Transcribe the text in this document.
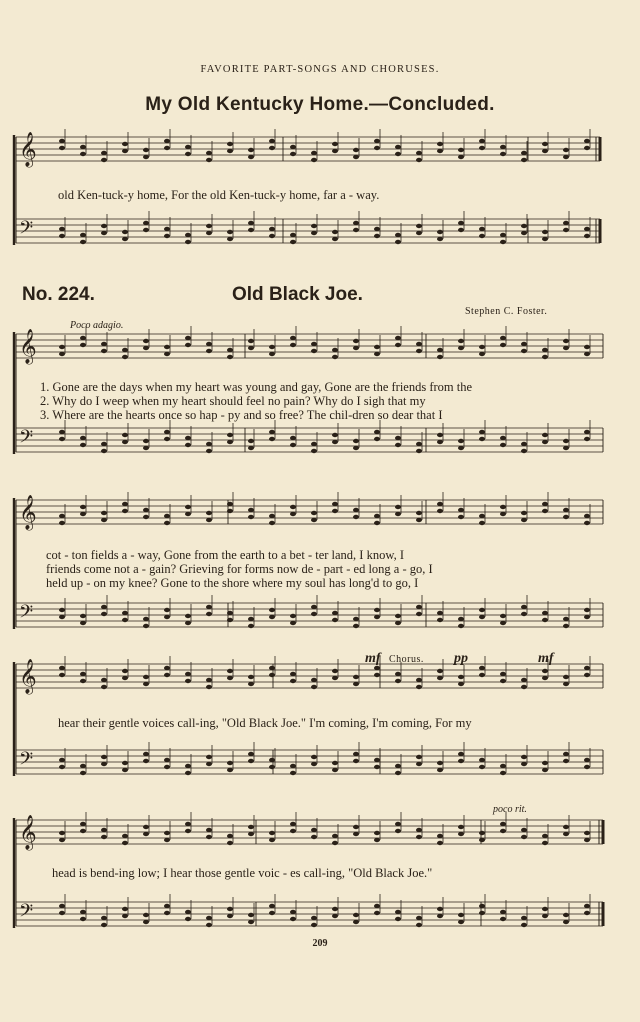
𝄞
𝄢
𝄞
𝄢
𝄞
𝄢
𝄞
𝄢
𝄞
𝄢
FAVORITE PART-SONGS AND CHORUSES.
My Old Kentucky Home.—Concluded.
old Ken-tuck-y home, For the old Ken-tuck-y home, far a - way.
No. 224.	Old Black Joe.
Stephen C. Foster.
Poco adagio.
1. Gone are the days when my heart was young and gay, Gone are the friends from the
2. Why do I weep when my heart should feel no pain? Why do I sigh that my
3. Where are the hearts once so hap - py and so free? The chil-dren so dear that I
cot - ton fields a - way, Gone from the earth to a bet - ter land, I know, I
friends come not a - gain? Grieving for forms now de - part - ed long a - go, I
held up - on my knee? Gone to the shore where my soul has long'd to go, I
mf Chorus. pp	mf
hear their gentle voices call-ing, "Old Black Joe." I'm coming, I'm coming, For my
poco rit.
head is bend-ing low; I hear those gentle voic - es call-ing, "Old Black Joe."
209
